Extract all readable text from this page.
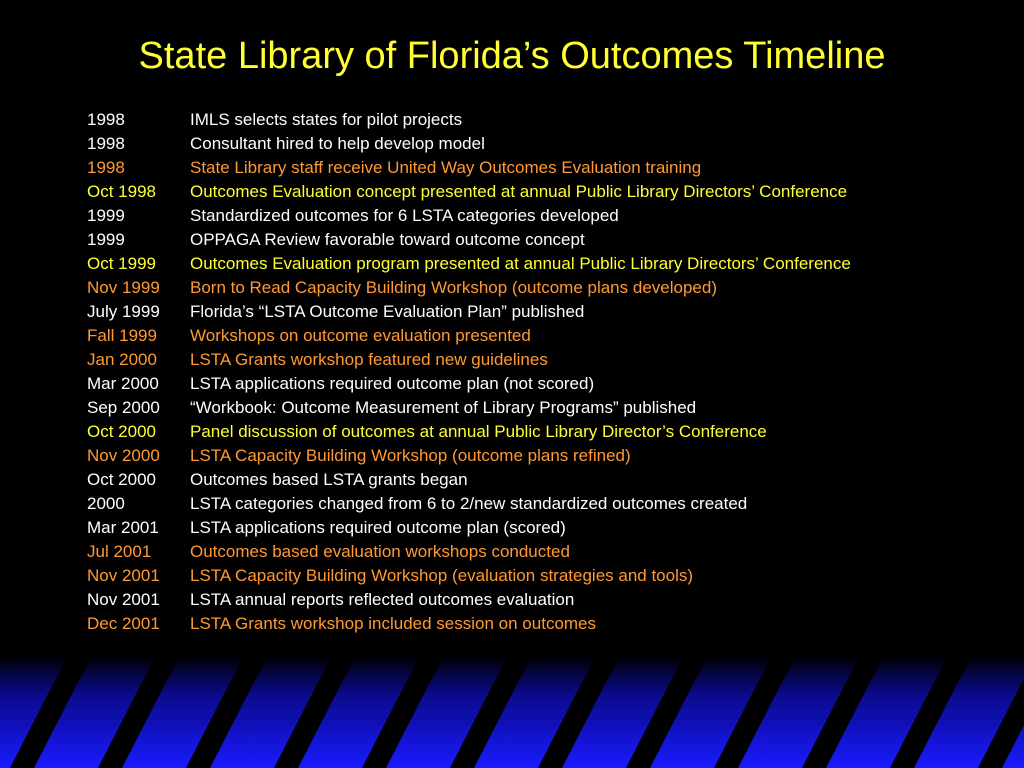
State Library of Florida’s Outcomes Timeline
1998	IMLS selects states for pilot projects
1998	Consultant hired to help develop model
1998	State Library staff receive United Way Outcomes Evaluation training
Oct 1998	Outcomes Evaluation concept presented at annual Public Library Directors’ Conference
1999	Standardized outcomes for 6 LSTA categories developed
1999	OPPAGA Review favorable toward outcome concept
Oct 1999	Outcomes Evaluation program presented at annual Public Library Directors’ Conference
Nov 1999	Born to Read Capacity Building Workshop (outcome plans developed)
July 1999	Florida’s “LSTA Outcome Evaluation Plan” published
Fall 1999	Workshops on outcome evaluation presented
Jan 2000	LSTA Grants workshop featured new guidelines
Mar 2000	LSTA applications required outcome plan (not scored)
Sep 2000	“Workbook: Outcome Measurement of Library Programs” published
Oct 2000	Panel discussion of outcomes at annual Public Library Director’s Conference
Nov 2000	LSTA Capacity Building Workshop (outcome plans refined)
Oct 2000	Outcomes based LSTA grants began
2000	LSTA categories changed from 6 to 2/new standardized outcomes created
Mar 2001	LSTA applications required outcome plan (scored)
Jul 2001	Outcomes based evaluation workshops conducted
Nov 2001	LSTA Capacity Building Workshop (evaluation strategies and tools)
Nov 2001	LSTA annual reports reflected outcomes evaluation
Dec 2001	LSTA Grants workshop included session on outcomes
